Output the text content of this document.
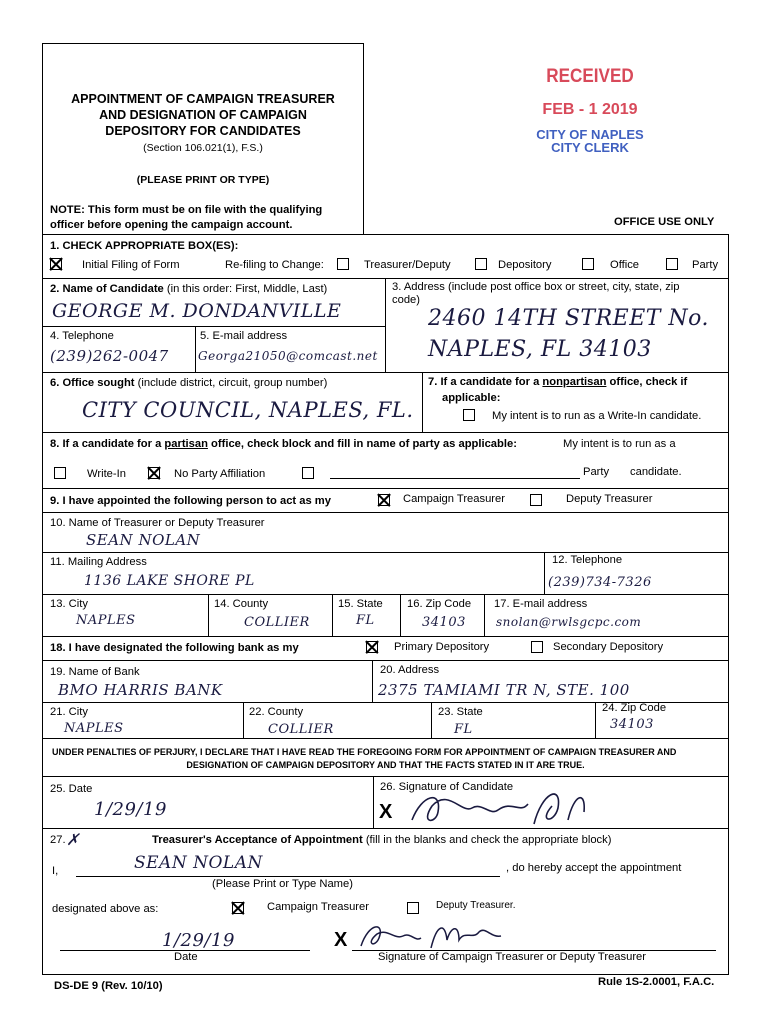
APPOINTMENT OF CAMPAIGN TREASURER
AND DESIGNATION OF CAMPAIGN
DEPOSITORY FOR CANDIDATES
(Section 106.021(1), F.S.)
(PLEASE PRINT OR TYPE)
NOTE: This form must be on file with the qualifying
officer before opening the campaign account.	OFFICE USE ONLY
RECEIVED
FEB - 1 2019
CITY OF NAPLES
CITY CLERK
1. CHECK APPROPRIATE BOX(ES):
Initial Filing of Form	Re-filing to Change:	Treasurer/Deputy	Depository	Office	Party
2. Name of Candidate (in this order: First, Middle, Last)
GEORGE M. DONDANVILLE
3. Address (include post office box or street, city, state, zip
code)
2460 14TH STREET No.
NAPLES, FL 34103
4. Telephone	5. E-mail address
(239)262-0047 Georga21050@comcast.net
6. Office sought (include district, circuit, group number)
CITY COUNCIL, NAPLES, FL.
7. If a candidate for a nonpartisan office, check if
applicable:
My intent is to run as a Write-In candidate.
8. If a candidate for a partisan office, check block and fill in name of party as applicable:	My intent is to run as a
Write-In	No Party Affiliation	Party candidate.
9. I have appointed the following person to act as my	Campaign Treasurer	Deputy Treasurer
10. Name of Treasurer or Deputy Treasurer
SEAN NOLAN
11. Mailing Address
1136 LAKE SHORE PL
12. Telephone
(239)734-7326
13. City
NAPLES
14. County
COLLIER
15. State
FL
16. Zip Code
34103
17. E-mail address
snolan@rwlsgcpc.com
18. I have designated the following bank as my	Primary Depository	Secondary Depository
19. Name of Bank
BMO HARRIS BANK
20. Address
2375 TAMIAMI TR N, STE. 100
21. City
NAPLES
22. County
COLLIER
23. State
FL
24. Zip Code
34103
UNDER PENALTIES OF PERJURY, I DECLARE THAT I HAVE READ THE FOREGOING FORM FOR APPOINTMENT OF CAMPAIGN TREASURER AND
DESIGNATION OF CAMPAIGN DEPOSITORY AND THAT THE FACTS STATED IN IT ARE TRUE.
25. Date
1/29/19
26. Signature of Candidate
X
27. ✗	Treasurer's Acceptance of Appointment (fill in the blanks and check the appropriate block)
I,	SEAN NOLAN	, do hereby accept the appointment
(Please Print or Type Name)
designated above as:	Campaign Treasurer	Deputy Treasurer.
1/29/19	X
Date	Signature of Campaign Treasurer or Deputy Treasurer
DS-DE 9 (Rev. 10/10)	Rule 1S-2.0001, F.A.C.
